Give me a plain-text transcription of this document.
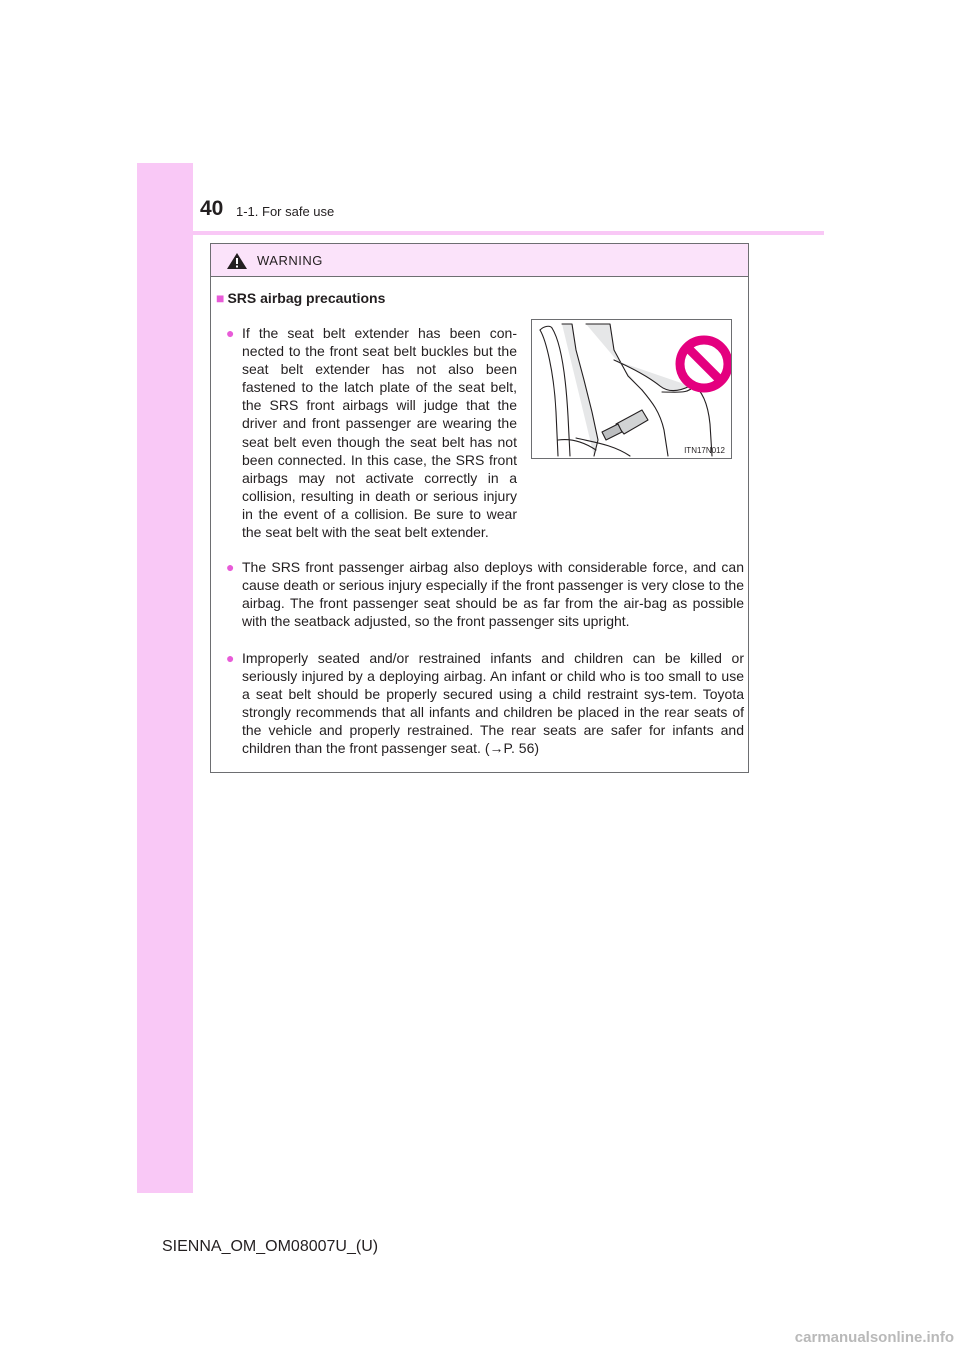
40 1-1. For safe use
WARNING
■ SRS airbag precautions
● If the seat belt extender has been con-nected to the front seat belt buckles but the seat belt extender has not also been fastened to the latch plate of the seat belt, the SRS front airbags will judge that the driver and front passenger are wearing the seat belt even though the seat belt has not been connected. In this case, the SRS front airbags may not activate correctly in a collision, resulting in death or serious injury in the event of a collision. Be sure to wear the seat belt with the seat belt extender.
ITN17N012
● The SRS front passenger airbag also deploys with considerable force, and can cause death or serious injury especially if the front passenger is very close to the airbag. The front passenger seat should be as far from the air-bag as possible with the seatback adjusted, so the front passenger sits upright.
● Improperly seated and/or restrained infants and children can be killed or seriously injured by a deploying airbag. An infant or child who is too small to use a seat belt should be properly secured using a child restraint sys-tem. Toyota strongly recommends that all infants and children be placed in the rear seats of the vehicle and properly restrained. The rear seats are safer for infants and children than the front passenger seat. (→P. 56)
SIENNA_OM_OM08007U_(U)
carmanualsonline.info
